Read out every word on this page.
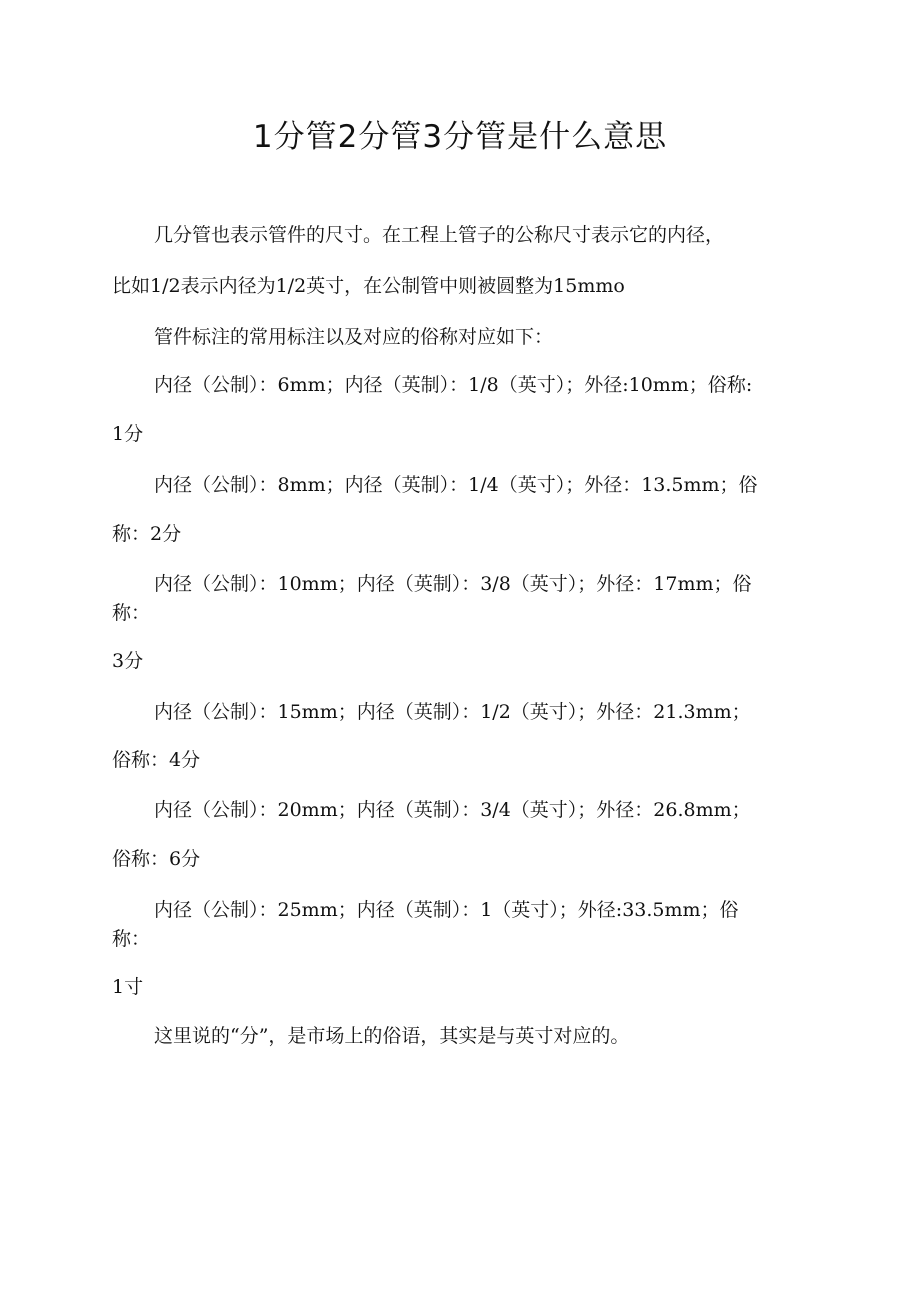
1分管2分管3分管是什么意思

几分管也表示管件的尺寸。在工程上管子的公称尺寸表示它的内径，

比如1/2表示内径为1/2英寸，在公制管中则被圆整为15mmo

管件标注的常用标注以及对应的俗称对应如下：

内径（公制）：6mm；内径（英制）：1/8（英寸）；外径:10mm；俗称:

1分

内径（公制）：8mm；内径（英制）：1/4（英寸）；外径：13.5mm；俗

称：2分

内径（公制）：10mm；内径（英制）：3/8（英寸）；外径：17mm；俗

称：

3分

内径（公制）：15mm；内径（英制）：1/2（英寸）；外径：21.3mm；

俗称：4分

内径（公制）：20mm；内径（英制）：3/4（英寸）；外径：26.8mm；

俗称：6分

内径（公制）：25mm；内径（英制）：1（英寸）；外径:33.5mm；俗

称：

1寸

这里说的“分”，是市场上的俗语，其实是与英寸对应的。
